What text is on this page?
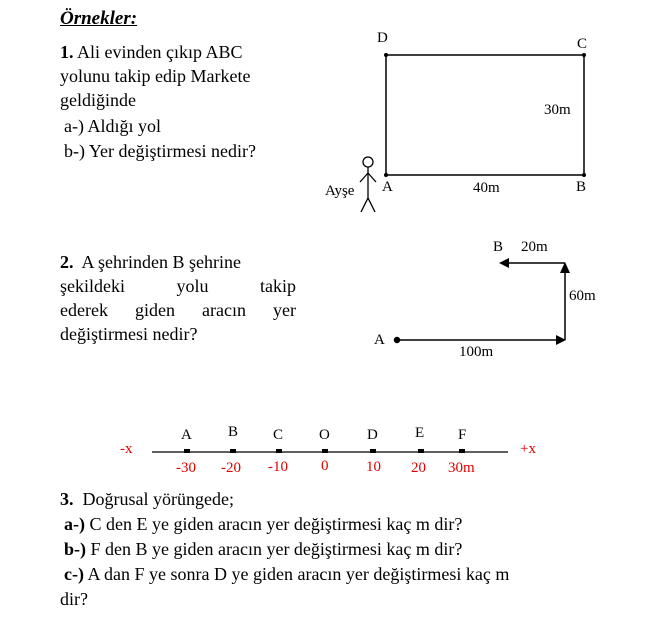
Örnekler:
1. Ali evinden çıkıp ABC
yolunu takip edip Markete
geldiğinde
a-) Aldığı yol
b-) Yer değiştirmesi nedir?
D	C
30m
A	B
40m
Ayşe
2. A şehrinden B şehrine
şekildeki	yolu	takip
ederek giden aracın yer
değiştirmesi nedir?
B 20m
60m
A
100m
-x	+x
A B C O D E F
-30 -20 -10 0	10 20 30m
3. Doğrusal yörüngede;
a-) C den E ye giden aracın yer değiştirmesi kaç m dir?
b-) F den B ye giden aracın yer değiştirmesi kaç m dir?
c-) A dan F ye sonra D ye giden aracın yer değiştirmesi kaç m
dir?
